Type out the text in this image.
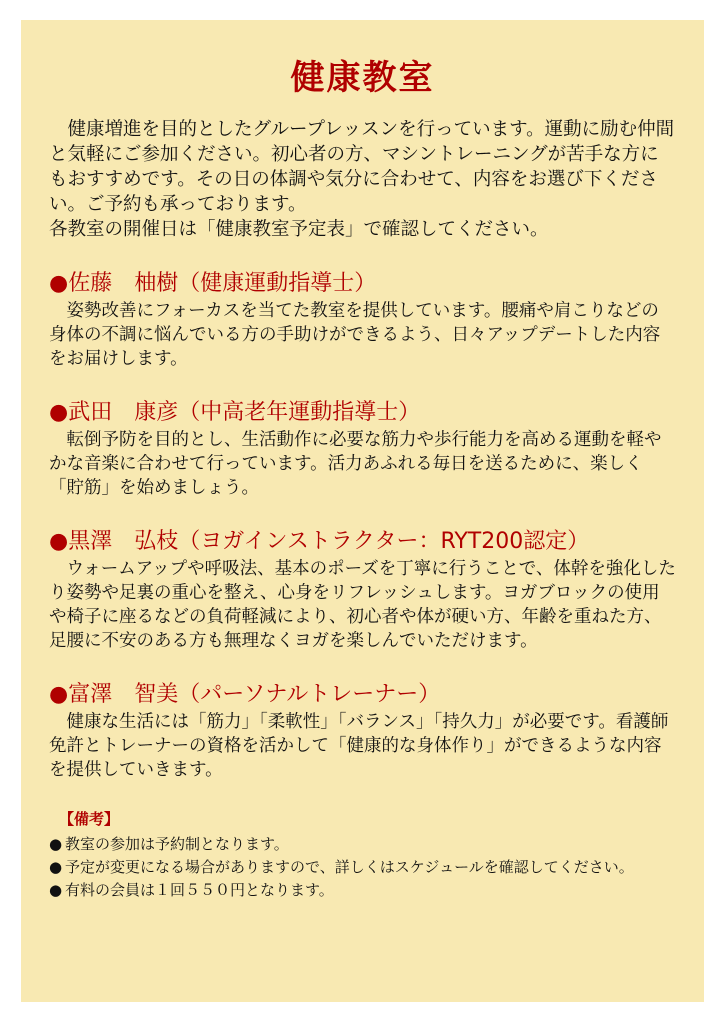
健康教室

健康増進を目的としたグループレッスンを行っています。運動に励む仲間と気軽にご参加ください。初心者の方、マシントレーニングが苦手な方にもおすすめです。その日の体調や気分に合わせて、内容をお選び下ください。ご予約も承っております。

各教室の開催日は「健康教室予定表」で確認してください。

●佐藤　柚樹（健康運動指導士）

姿勢改善にフォーカスを当てた教室を提供しています。腰痛や肩こりなどの身体の不調に悩んでいる方の手助けができるよう、日々アップデートした内容をお届けします。

●武田　康彦（中高老年運動指導士）

転倒予防を目的とし、生活動作に必要な筋力や歩行能力を高める運動を軽やかな音楽に合わせて行っています。活力あふれる毎日を送るために、楽しく「貯筋」を始めましょう。

●黒澤　弘枝（ヨガインストラクター：RYT200認定）

ウォームアップや呼吸法、基本のポーズを丁寧に行うことで、体幹を強化したり姿勢や足裏の重心を整え、心身をリフレッシュします。ヨガブロックの使用や椅子に座るなどの負荷軽減により、初心者や体が硬い方、年齢を重ねた方、足腰に不安のある方も無理なくヨガを楽しんでいただけます。

●富澤　智美（パーソナルトレーナー）

健康な生活には「筋力」「柔軟性」「バランス」「持久力」が必要です。看護師免許とトレーナーの資格を活かして「健康的な身体作り」ができるような内容を提供していきます。

【備考】
● 教室の参加は予約制となります。
● 予定が変更になる場合がありますので、詳しくはスケジュールを確認してください。
● 有料の会員は１回５５０円となります。
